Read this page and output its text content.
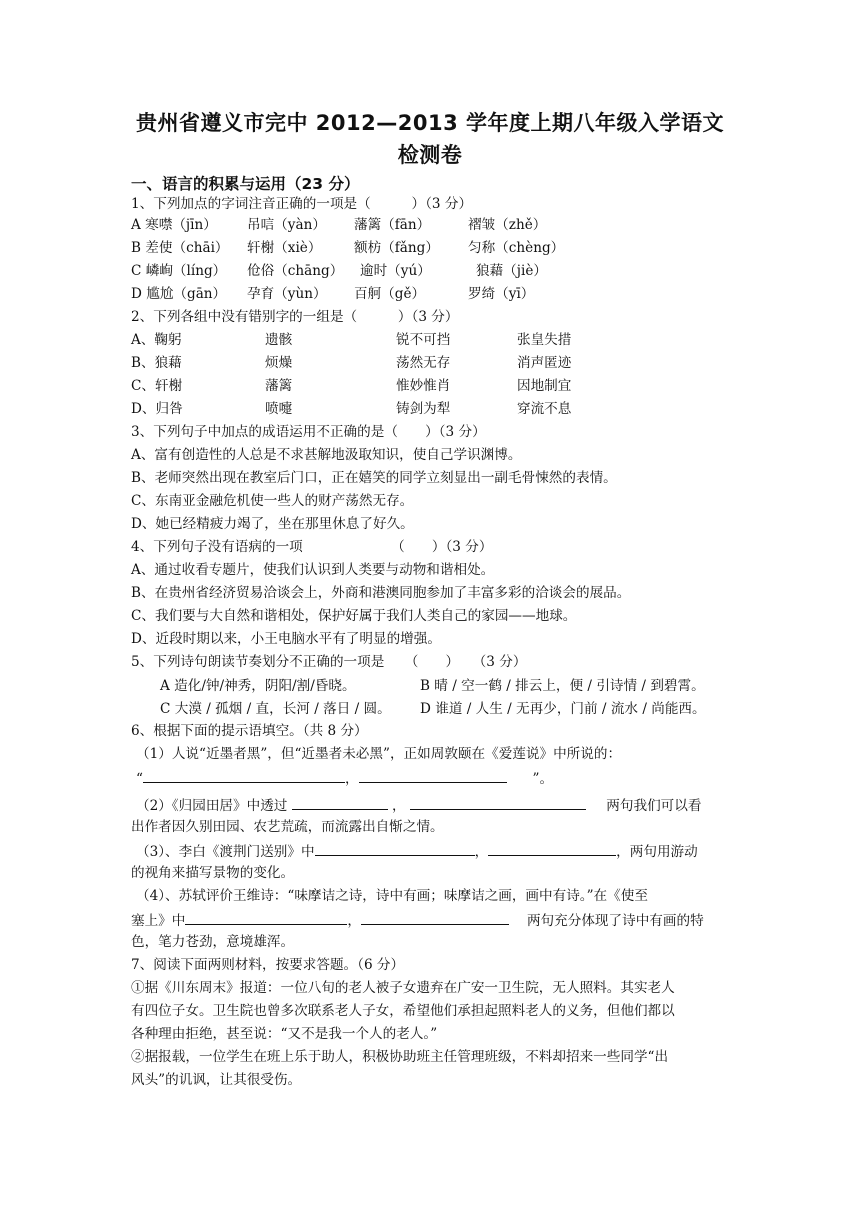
贵州省遵义市完中 2012—2013 学年度上期八年级入学语文
检测卷
一、语言的积累与运用（23 分）
1、下列加点的字词注音正确的一项是（　　　）（3 分）
A 寒噤（jīn） 吊唁（yàn） 藩篱（fān）	褶皱（zhě）
B 差使（chāi） 轩榭（xiè） 额枋（fǎng） 匀称（chèng）
C 嶙峋（líng） 伧俗（chāng） 逾时（yú）	狼藉（jiè）
D 尴尬（gān） 孕育（yùn） 百舸（gě）	罗绮（yī）
2、下列各组中没有错别字的一组是（　　　）（3 分）
A、鞠躬	遗骸	锐不可挡	张皇失措
B、狼藉	烦燥	荡然无存	消声匿迹
C、轩榭	藩篱	惟妙惟肖	因地制宜
D、归咎	喷嚏	铸剑为犁	穿流不息
3、下列句子中加点的成语运用不正确的是（　　）（3 分）
A、富有创造性的人总是不求甚解地汲取知识，使自己学识渊博。
B、老师突然出现在教室后门口，正在嬉笑的同学立刻显出一副毛骨悚然的表情。
C、东南亚金融危机使一些人的财产荡然无存。
D、她已经精疲力竭了，坐在那里休息了好久。
4、下列句子没有语病的一项　　　　　　　（　　）（3 分）
A、通过收看专题片，使我们认识到人类要与动物和谐相处。
B、在贵州省经济贸易洽谈会上，外商和港澳同胞参加了丰富多彩的洽谈会的展品。
C、我们要与大自然和谐相处，保护好属于我们人类自己的家园——地球。
D、近段时期以来，小王电脑水平有了明显的增强。
5、下列诗句朗读节奏划分不正确的一项是　　（　　）　　（3 分）
A 造化/钟/神秀，阴阳/割/昏晓。	B 晴 / 空一鹤 / 排云上，便 / 引诗情 / 到碧霄。
C 大漠 / 孤烟 / 直，长河 / 落日 / 圆。 D 谁道 / 人生 / 无再少，门前 / 流水 / 尚能西。
6、根据下面的提示语填空。（共 8 分）
（1）人说“近墨者黑”，但“近墨者未必黑”，正如周敦颐在《爱莲说》中所说的：
“	，	”。
（2）《归园田居》中透过	，	两句我们可以看
出作者因久别田园、农艺荒疏，而流露出自惭之情。
（3）、李白《渡荆门送别》中	，	，两句用游动
的视角来描写景物的变化。
（4）、苏轼评价王维诗：“味摩诘之诗，诗中有画；味摩诘之画，画中有诗。”在《使至
塞上》中	，	两句充分体现了诗中有画的特
色，笔力苍劲，意境雄浑。
7、阅读下面两则材料，按要求答题。（6 分）
①据《川东周末》报道：一位八旬的老人被子女遗弃在广安一卫生院，无人照料。其实老人
有四位子女。卫生院也曾多次联系老人子女，希望他们承担起照料老人的义务，但他们都以
各种理由拒绝，甚至说：“又不是我一个人的老人。”
②据报载，一位学生在班上乐于助人，积极协助班主任管理班级，不料却招来一些同学“出
风头”的讥讽，让其很受伤。
